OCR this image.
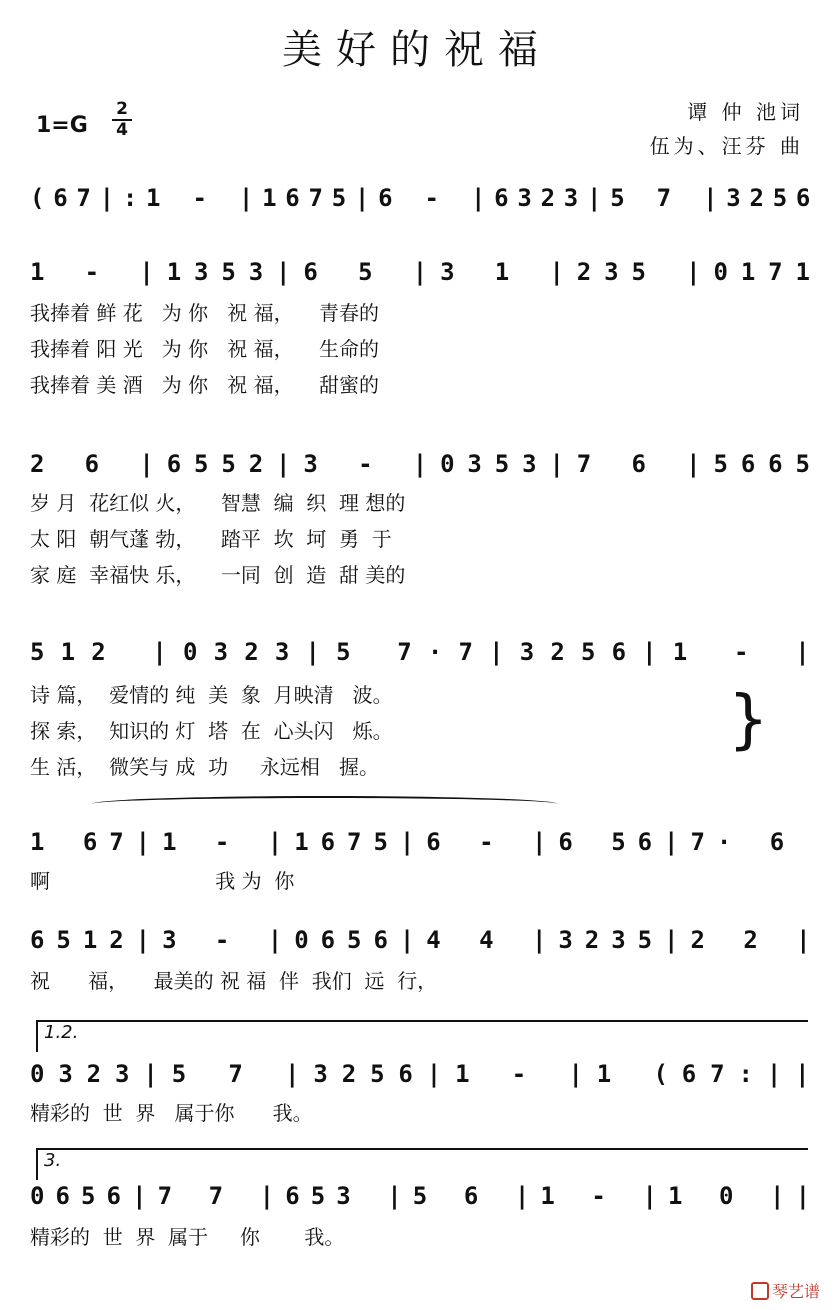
美好的祝福
1=G
2
4
谭 仲 池词
伍为、汪芬 曲
(67|:1 - |1675|6 - |6323|5 7 |3256
1 - |1353|6 5 |3 1 |235 |0171
我捧着 鲜 花   为 你   祝 福，    青春的
我捧着 阳 光   为 你   祝 福，    生命的
我捧着 美 酒   为 你   祝 福，    甜蜜的
2 6 |6552|3 - |0353|7 6 |5665
岁 月  花红似 火，    智慧  编  织  理 想的
太 阳  朝气蓬 勃，    踏平  坎  坷  勇  于
家 庭  幸福快 乐，    一同  创  造  甜 美的
512 |0323|5 7·7|3256|1 - |
诗 篇，  爱情的 纯  美  象  月映清   波。
探 索，  知识的 灯  塔  在  心头闪   烁。
生 活，  微笑与 成  功     永远相   握。
}
1 67|1 - |1675|6 - |6 56|7· 6
啊                          我 为  你
6512|3 - |0656|4 4 |3235|2 2 |
祝      福，    最美的 祝 福  伴  我们  远  行，
1.2.
0323|5 7 |3256|1 - |1 (67:||
精彩的  世  界   属于你      我。
3.
0656|7 7 |653 |5 6 |1 - |1 0 ||
精彩的  世  界  属于     你       我。
琴艺谱
